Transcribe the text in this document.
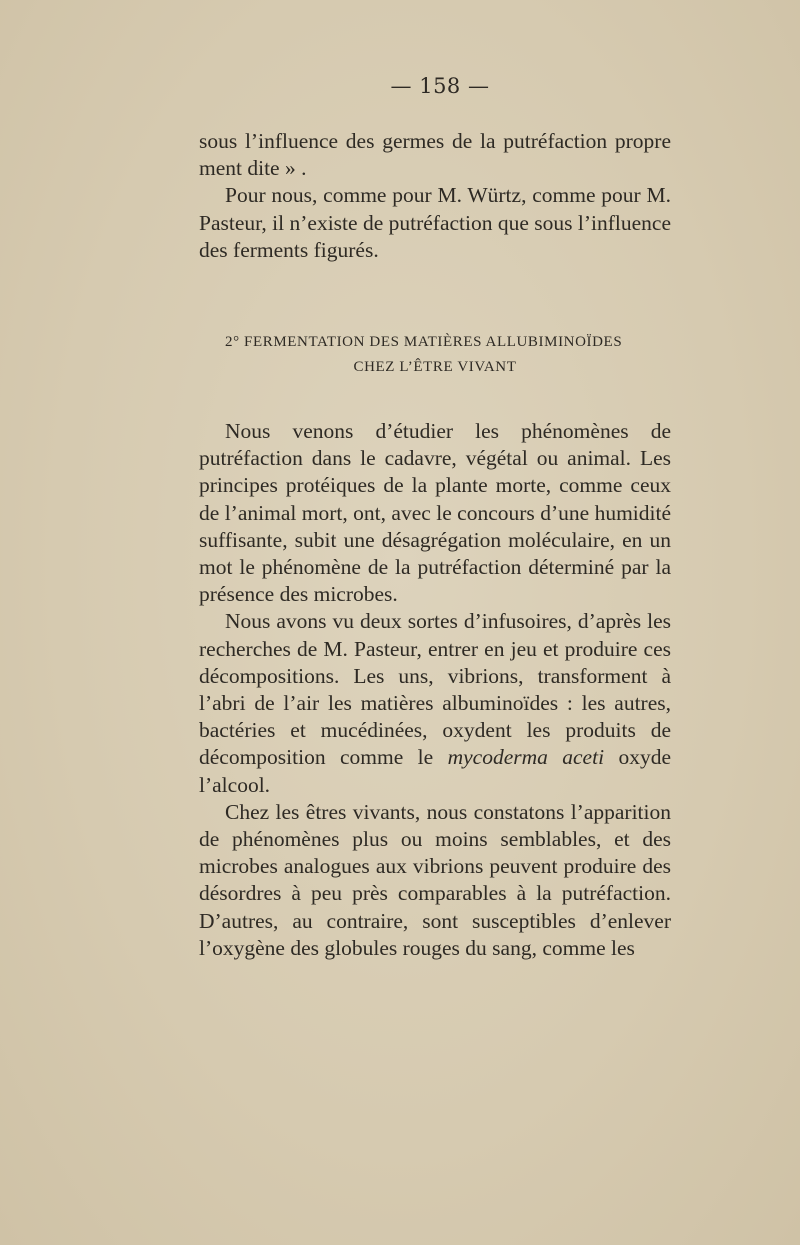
— 158 —

sous l’influence des germes de la putréfaction propre ment dite » .

Pour nous, comme pour M. Würtz, comme pour M. Pasteur, il n’existe de putréfaction que sous l’influence des ferments figurés.

2° FERMENTATION DES MATIÈRES ALLUBIMINOÏDES
CHEZ L’ÊTRE VIVANT

Nous venons d’étudier les phénomènes de putréfaction dans le cadavre, végétal ou animal. Les principes protéiques de la plante morte, comme ceux de l’animal mort, ont, avec le concours d’une humidité suffisante, subit une désagrégation moléculaire, en un mot le phénomène de la putréfaction déterminé par la présence des microbes.

Nous avons vu deux sortes d’infusoires, d’après les recherches de M. Pasteur, entrer en jeu et produire ces décompositions. Les uns, vibrions, transforment à l’abri de l’air les matières albuminoïdes : les autres, bactéries et mucédinées, oxydent les produits de décomposition comme le mycoderma aceti oxyde l’alcool.

Chez les êtres vivants, nous constatons l’apparition de phénomènes plus ou moins semblables, et des microbes analogues aux vibrions peuvent produire des désordres à peu près comparables à la putréfaction. D’autres, au contraire, sont susceptibles d’enlever l’oxygène des globules rouges du sang, comme les
